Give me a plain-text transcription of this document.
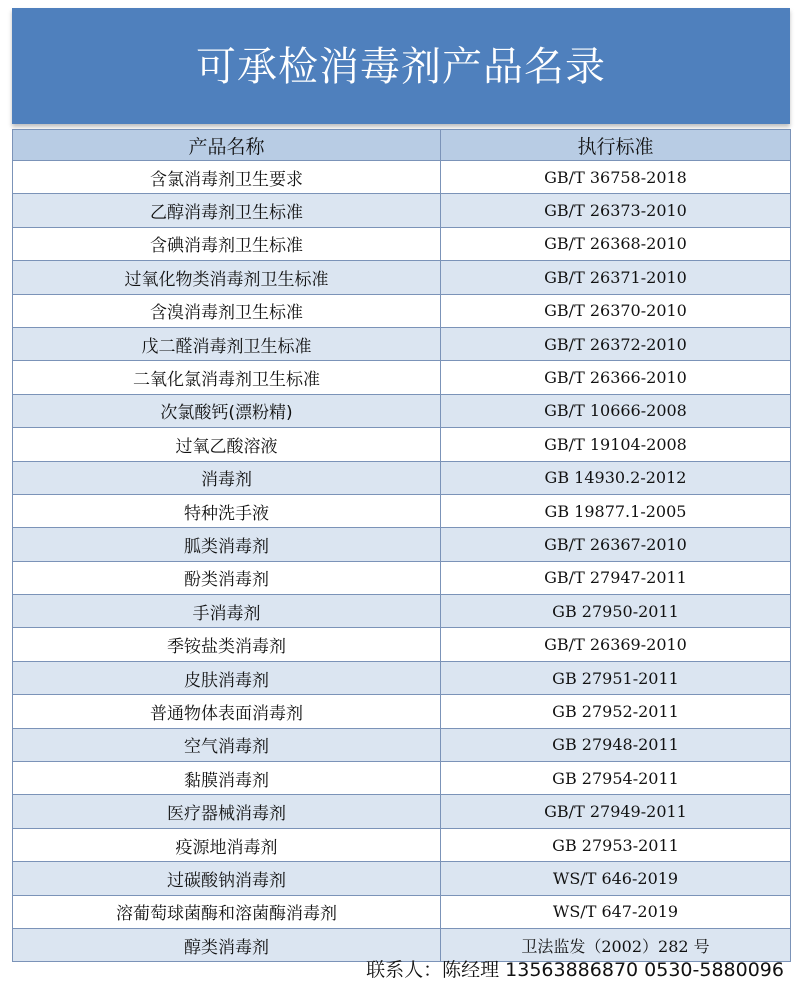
可承检消毒剂产品名录
产品名称	执行标准
含氯消毒剂卫生要求	GB/T 36758-2018
乙醇消毒剂卫生标准	GB/T 26373-2010
含碘消毒剂卫生标准	GB/T 26368-2010
过氧化物类消毒剂卫生标准	GB/T 26371-2010
含溴消毒剂卫生标准	GB/T 26370-2010
戊二醛消毒剂卫生标准	GB/T 26372-2010
二氧化氯消毒剂卫生标准	GB/T 26366-2010
次氯酸钙(漂粉精)	GB/T 10666-2008
过氧乙酸溶液	GB/T 19104-2008
消毒剂	GB 14930.2-2012
特种洗手液	GB 19877.1-2005
胍类消毒剂	GB/T 26367-2010
酚类消毒剂	GB/T 27947-2011
手消毒剂	GB 27950-2011
季铵盐类消毒剂	GB/T 26369-2010
皮肤消毒剂	GB 27951-2011
普通物体表面消毒剂	GB 27952-2011
空气消毒剂	GB 27948-2011
黏膜消毒剂	GB 27954-2011
医疗器械消毒剂	GB/T 27949-2011
疫源地消毒剂	GB 27953-2011
过碳酸钠消毒剂	WS/T 646-2019
溶葡萄球菌酶和溶菌酶消毒剂	WS/T 647-2019
醇类消毒剂	卫法监发（2002）282 号
联系人：陈经理 13563886870 0530-5880096
